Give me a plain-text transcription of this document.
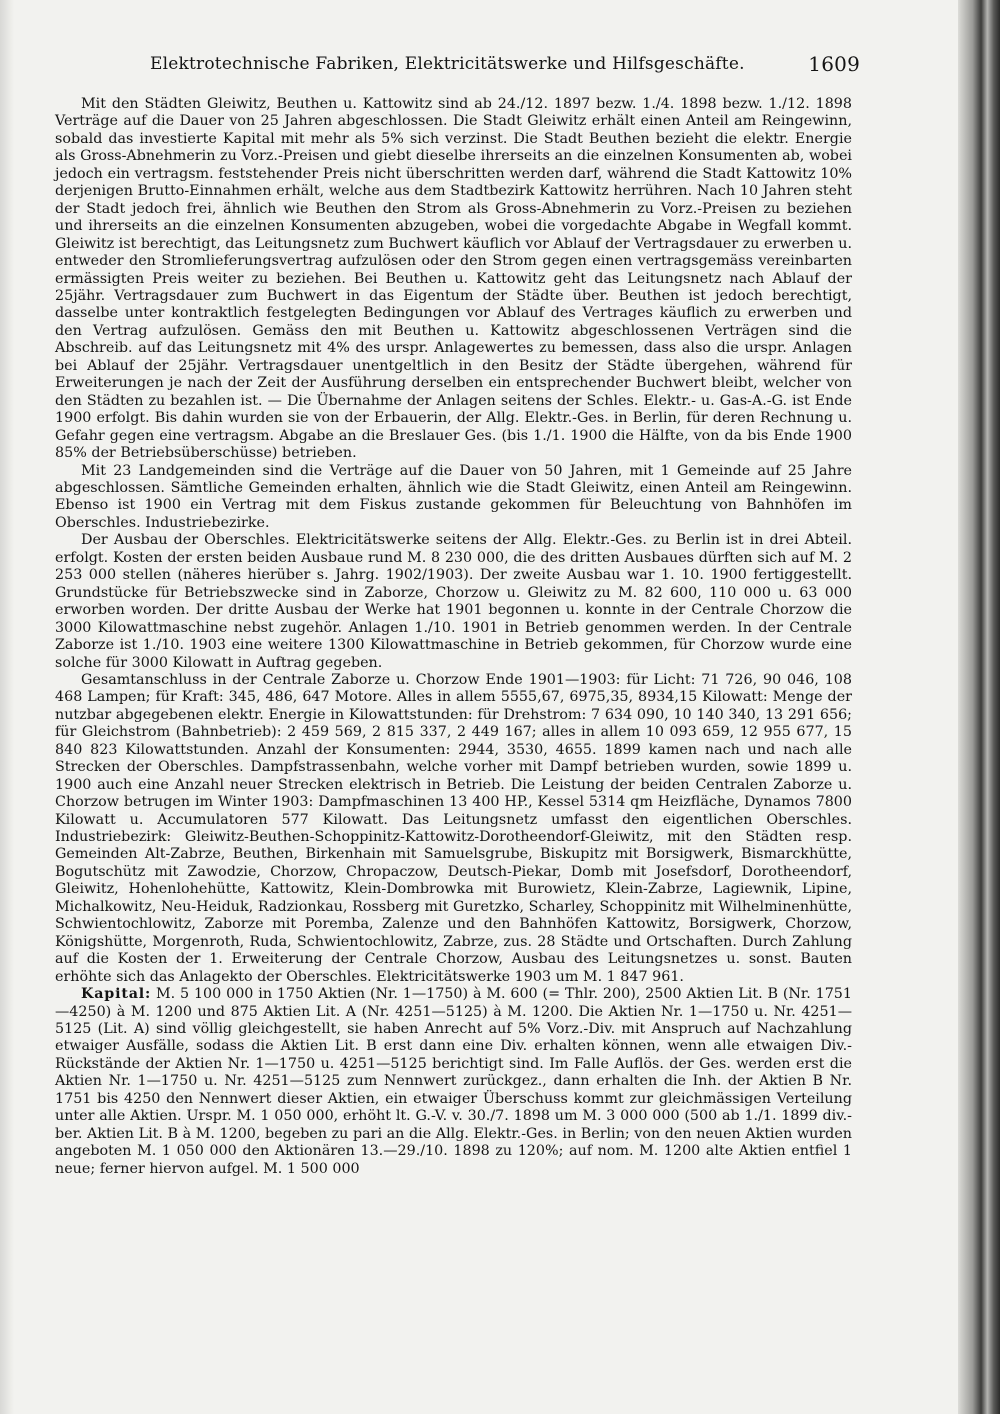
Elektrotechnische Fabriken, Elektricitätswerke und Hilfsgeschäfte.	1609

Mit den Städten Gleiwitz, Beuthen u. Kattowitz sind ab 24./12. 1897 bezw. 1./4. 1898 bezw. 1./12. 1898 Verträge auf die Dauer von 25 Jahren abgeschlossen. Die Stadt Gleiwitz erhält einen Anteil am Reingewinn, sobald das investierte Kapital mit mehr als 5% sich verzinst. Die Stadt Beuthen bezieht die elektr. Energie als Gross-Abnehmerin zu Vorz.-Preisen und giebt dieselbe ihrerseits an die einzelnen Konsumenten ab, wobei jedoch ein vertragsm. feststehender Preis nicht überschritten werden darf, während die Stadt Kattowitz 10% derjenigen Brutto-Einnahmen erhält, welche aus dem Stadtbezirk Kattowitz herrühren. Nach 10 Jahren steht der Stadt jedoch frei, ähnlich wie Beuthen den Strom als Gross-Abnehmerin zu Vorz.-Preisen zu beziehen und ihrerseits an die einzelnen Konsumenten abzugeben, wobei die vorgedachte Abgabe in Wegfall kommt. Gleiwitz ist berechtigt, das Leitungsnetz zum Buchwert käuflich vor Ablauf der Vertragsdauer zu erwerben u. entweder den Stromlieferungsvertrag aufzulösen oder den Strom gegen einen vertragsgemäss vereinbarten ermässigten Preis weiter zu beziehen. Bei Beuthen u. Kattowitz geht das Leitungsnetz nach Ablauf der 25jähr. Vertragsdauer zum Buchwert in das Eigentum der Städte über. Beuthen ist jedoch berechtigt, dasselbe unter kontraktlich festgelegten Bedingungen vor Ablauf des Vertrages käuflich zu erwerben und den Vertrag aufzulösen. Gemäss den mit Beuthen u. Kattowitz abgeschlossenen Verträgen sind die Abschreib. auf das Leitungsnetz mit 4% des urspr. Anlagewertes zu bemessen, dass also die urspr. Anlagen bei Ablauf der 25jähr. Vertragsdauer unentgeltlich in den Besitz der Städte übergehen, während für Erweiterungen je nach der Zeit der Ausführung derselben ein entsprechender Buchwert bleibt, welcher von den Städten zu bezahlen ist. — Die Übernahme der Anlagen seitens der Schles. Elektr.- u. Gas-A.-G. ist Ende 1900 erfolgt. Bis dahin wurden sie von der Erbauerin, der Allg. Elektr.-Ges. in Berlin, für deren Rechnung u. Gefahr gegen eine vertragsm. Abgabe an die Breslauer Ges. (bis 1./1. 1900 die Hälfte, von da bis Ende 1900 85% der Betriebsüberschüsse) betrieben.

Mit 23 Landgemeinden sind die Verträge auf die Dauer von 50 Jahren, mit 1 Gemeinde auf 25 Jahre abgeschlossen. Sämtliche Gemeinden erhalten, ähnlich wie die Stadt Gleiwitz, einen Anteil am Reingewinn. Ebenso ist 1900 ein Vertrag mit dem Fiskus zustande gekommen für Beleuchtung von Bahnhöfen im Oberschles. Industriebezirke.

Der Ausbau der Oberschles. Elektricitätswerke seitens der Allg. Elektr.-Ges. zu Berlin ist in drei Abteil. erfolgt. Kosten der ersten beiden Ausbaue rund M. 8 230 000, die des dritten Ausbaues dürften sich auf M. 2 253 000 stellen (näheres hierüber s. Jahrg. 1902/1903). Der zweite Ausbau war 1. 10. 1900 fertiggestellt. Grundstücke für Betriebszwecke sind in Zaborze, Chorzow u. Gleiwitz zu M. 82 600, 110 000 u. 63 000 erworben worden. Der dritte Ausbau der Werke hat 1901 begonnen u. konnte in der Centrale Chorzow die 3000 Kilowattmaschine nebst zugehör. Anlagen 1./10. 1901 in Betrieb genommen werden. In der Centrale Zaborze ist 1./10. 1903 eine weitere 1300 Kilowattmaschine in Betrieb gekommen, für Chorzow wurde eine solche für 3000 Kilowatt in Auftrag gegeben.

Gesamtanschluss in der Centrale Zaborze u. Chorzow Ende 1901—1903: für Licht: 71 726, 90 046, 108 468 Lampen; für Kraft: 345, 486, 647 Motore. Alles in allem 5555,67, 6975,35, 8934,15 Kilowatt: Menge der nutzbar abgegebenen elektr. Energie in Kilowattstunden: für Drehstrom: 7 634 090, 10 140 340, 13 291 656; für Gleichstrom (Bahnbetrieb): 2 459 569, 2 815 337, 2 449 167; alles in allem 10 093 659, 12 955 677, 15 840 823 Kilowattstunden. Anzahl der Konsumenten: 2944, 3530, 4655. 1899 kamen nach und nach alle Strecken der Oberschles. Dampfstrassenbahn, welche vorher mit Dampf betrieben wurden, sowie 1899 u. 1900 auch eine Anzahl neuer Strecken elektrisch in Betrieb. Die Leistung der beiden Centralen Zaborze u. Chorzow betrugen im Winter 1903: Dampfmaschinen 13 400 HP., Kessel 5314 qm Heizfläche, Dynamos 7800 Kilowatt u. Accumulatoren 577 Kilowatt. Das Leitungsnetz umfasst den eigentlichen Oberschles. Industriebezirk: Gleiwitz-Beuthen-Schoppinitz-Kattowitz-Dorotheendorf-Gleiwitz, mit den Städten resp. Gemeinden Alt-Zabrze, Beuthen, Birkenhain mit Samuelsgrube, Biskupitz mit Borsigwerk, Bismarckhütte, Bogutschütz mit Zawodzie, Chorzow, Chropaczow, Deutsch-Piekar, Domb mit Josefsdorf, Dorotheendorf, Gleiwitz, Hohenlohehütte, Kattowitz, Klein-Dombrowka mit Burowietz, Klein-Zabrze, Lagiewnik, Lipine, Michalkowitz, Neu-Heiduk, Radzionkau, Rossberg mit Guretzko, Scharley, Schoppinitz mit Wilhelminenhütte, Schwientochlowitz, Zaborze mit Poremba, Zalenze und den Bahnhöfen Kattowitz, Borsigwerk, Chorzow, Königshütte, Morgenroth, Ruda, Schwientochlowitz, Zabrze, zus. 28 Städte und Ortschaften. Durch Zahlung auf die Kosten der 1. Erweiterung der Centrale Chorzow, Ausbau des Leitungsnetzes u. sonst. Bauten erhöhte sich das Anlagekto der Oberschles. Elektricitätswerke 1903 um M. 1 847 961.

Kapital: M. 5 100 000 in 1750 Aktien (Nr. 1—1750) à M. 600 (= Thlr. 200), 2500 Aktien Lit. B (Nr. 1751—4250) à M. 1200 und 875 Aktien Lit. A (Nr. 4251—5125) à M. 1200. Die Aktien Nr. 1—1750 u. Nr. 4251—5125 (Lit. A) sind völlig gleichgestellt, sie haben Anrecht auf 5% Vorz.-Div. mit Anspruch auf Nachzahlung etwaiger Ausfälle, sodass die Aktien Lit. B erst dann eine Div. erhalten können, wenn alle etwaigen Div.-Rückstände der Aktien Nr. 1—1750 u. 4251—5125 berichtigt sind. Im Falle Auflös. der Ges. werden erst die Aktien Nr. 1—1750 u. Nr. 4251—5125 zum Nennwert zurückgez., dann erhalten die Inh. der Aktien B Nr. 1751 bis 4250 den Nennwert dieser Aktien, ein etwaiger Überschuss kommt zur gleichmässigen Verteilung unter alle Aktien. Urspr. M. 1 050 000, erhöht lt. G.-V. v. 30./7. 1898 um M. 3 000 000 (500 ab 1./1. 1899 div.-ber. Aktien Lit. B à M. 1200, begeben zu pari an die Allg. Elektr.-Ges. in Berlin; von den neuen Aktien wurden angeboten M. 1 050 000 den Aktionären 13.—29./10. 1898 zu 120%; auf nom. M. 1200 alte Aktien entfiel 1 neue; ferner hiervon aufgel. M. 1 500 000
